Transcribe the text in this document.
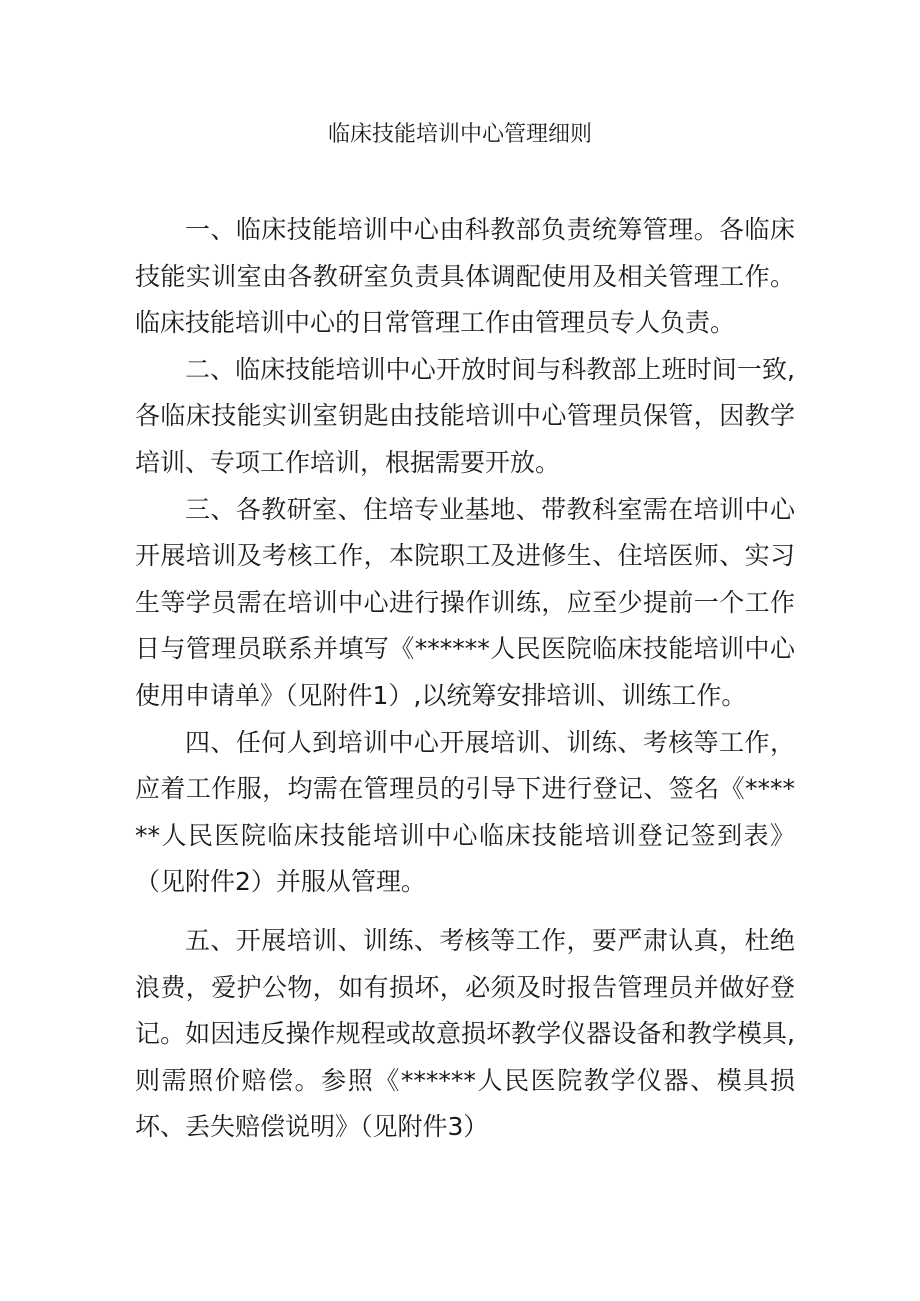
临床技能培训中心管理细则

一、临床技能培训中心由科教部负责统筹管理。各临床技能实训室由各教研室负责具体调配使用及相关管理工作。临床技能培训中心的日常管理工作由管理员专人负责。

二、临床技能培训中心开放时间与科教部上班时间一致,各临床技能实训室钥匙由技能培训中心管理员保管，因教学培训、专项工作培训，根据需要开放。

三、各教研室、住培专业基地、带教科室需在培训中心开展培训及考核工作，本院职工及进修生、住培医师、实习生等学员需在培训中心进行操作训练，应至少提前一个工作日与管理员联系并填写《******人民医院临床技能培训中心使用申请单》（见附件1）,以统筹安排培训、训练工作。

四、任何人到培训中心开展培训、训练、考核等工作，应着工作服，均需在管理员的引导下进行登记、签名《******人民医院临床技能培训中心临床技能培训登记签到表》（见附件2）并服从管理。

五、开展培训、训练、考核等工作，要严肃认真，杜绝浪费，爱护公物，如有损坏，必须及时报告管理员并做好登记。如因违反操作规程或故意损坏教学仪器设备和教学模具,则需照价赔偿。参照《******人民医院教学仪器、模具损坏、丢失赔偿说明》（见附件3）
